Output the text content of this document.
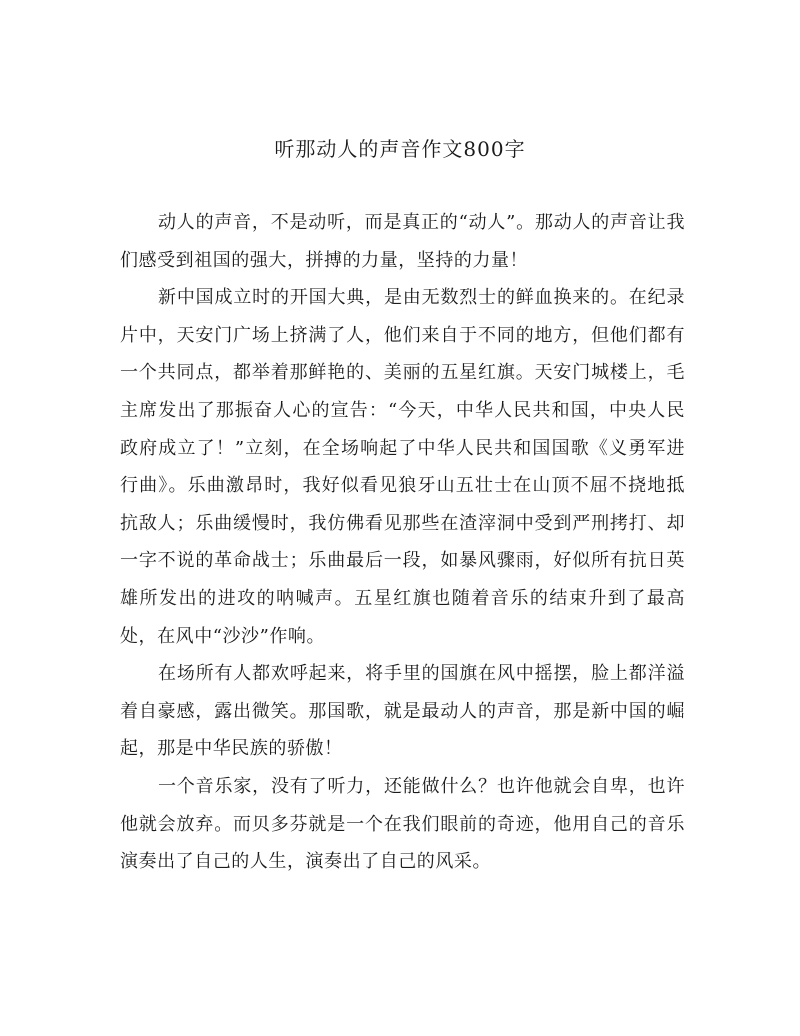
听那动人的声音作文800字

动人的声音，不是动听，而是真正的“动人”。那动人的声音让我们感受到祖国的强大，拼搏的力量，坚持的力量！

新中国成立时的开国大典，是由无数烈士的鲜血换来的。在纪录片中，天安门广场上挤满了人，他们来自于不同的地方，但他们都有一个共同点，都举着那鲜艳的、美丽的五星红旗。天安门城楼上，毛主席发出了那振奋人心的宣告：“今天，中华人民共和国，中央人民政府成立了！”立刻，在全场响起了中华人民共和国国歌《义勇军进行曲》。乐曲激昂时，我好似看见狼牙山五壮士在山顶不屈不挠地抵抗敌人；乐曲缓慢时，我仿佛看见那些在渣滓洞中受到严刑拷打、却一字不说的革命战士；乐曲最后一段，如暴风骤雨，好似所有抗日英雄所发出的进攻的呐喊声。五星红旗也随着音乐的结束升到了最高处，在风中“沙沙”作响。

在场所有人都欢呼起来，将手里的国旗在风中摇摆，脸上都洋溢着自豪感，露出微笑。那国歌，就是最动人的声音，那是新中国的崛起，那是中华民族的骄傲！

一个音乐家，没有了听力，还能做什么？也许他就会自卑，也许他就会放弃。而贝多芬就是一个在我们眼前的奇迹，他用自己的音乐演奏出了自己的人生，演奏出了自己的风采。
